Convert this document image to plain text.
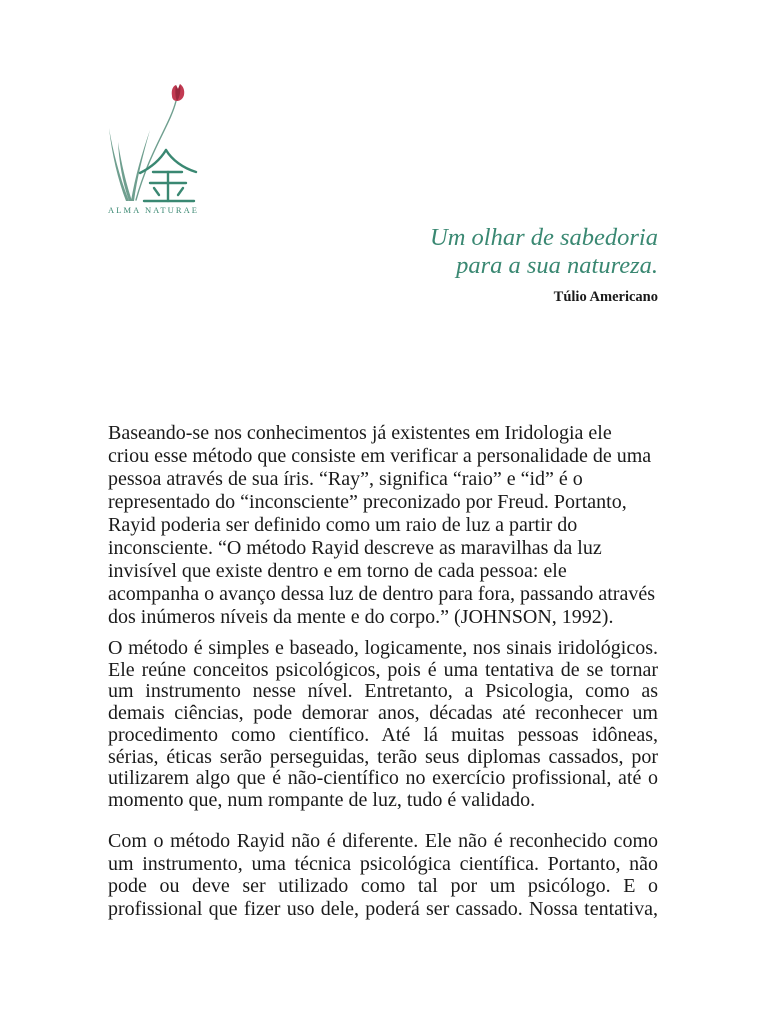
ALMA NATURAE
Um olhar de sabedoria
para a sua natureza.
Túlio Americano
Baseando-se nos conhecimentos já existentes em Iridologia ele
criou esse método que consiste em verificar a personalidade de uma
pessoa através de sua íris. “Ray”, significa “raio” e “id” é o
representado do “inconsciente” preconizado por Freud. Portanto,
Rayid poderia ser definido como um raio de luz a partir do
inconsciente. “O método Rayid descreve as maravilhas da luz
invisível que existe dentro e em torno de cada pessoa: ele
acompanha o avanço dessa luz de dentro para fora, passando através
dos inúmeros níveis da mente e do corpo.” (JOHNSON, 1992).
O método é simples e baseado, logicamente, nos sinais iridológicos.
Ele reúne conceitos psicológicos, pois é uma tentativa de se tornar
um instrumento nesse nível. Entretanto, a Psicologia, como as
demais ciências, pode demorar anos, décadas até reconhecer um
procedimento como científico. Até lá muitas pessoas idôneas,
sérias, éticas serão perseguidas, terão seus diplomas cassados, por
utilizarem algo que é não-científico no exercício profissional, até o
momento que, num rompante de luz, tudo é validado.
Com o método Rayid não é diferente. Ele não é reconhecido como
um instrumento, uma técnica psicológica científica. Portanto, não
pode ou deve ser utilizado como tal por um psicólogo. E o
profissional que fizer uso dele, poderá ser cassado. Nossa tentativa,
